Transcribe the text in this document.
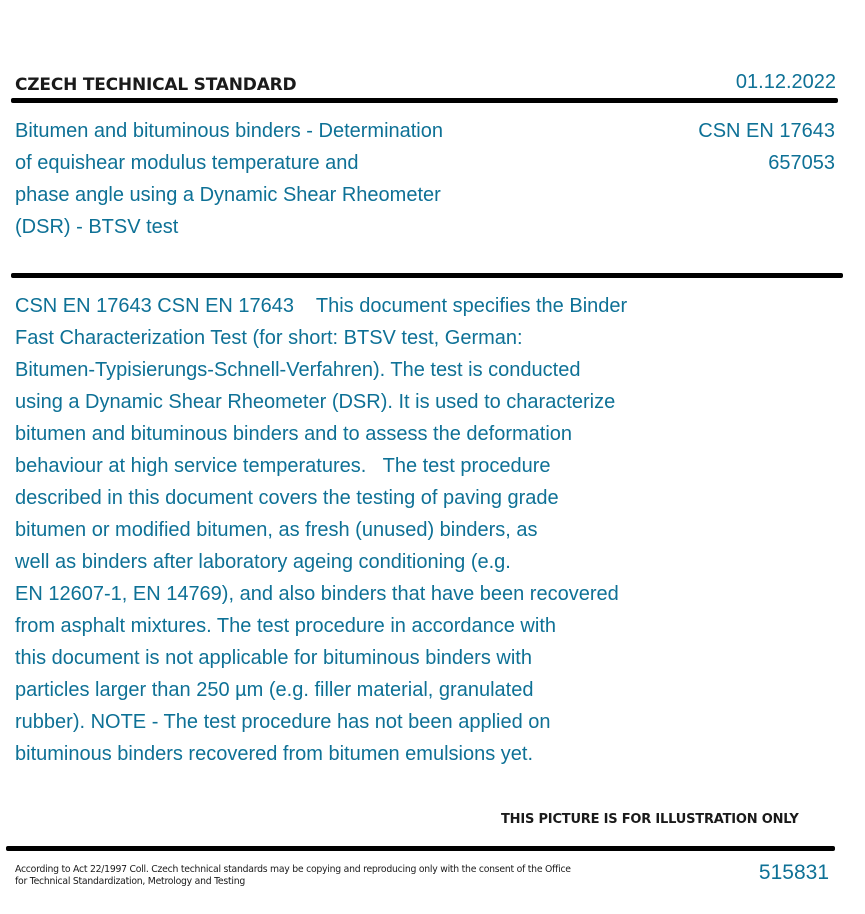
CZECH TECHNICAL STANDARD	01.12.2022
Bitumen and bituminous binders - Determination
of equishear modulus temperature and
phase angle using a Dynamic Shear Rheometer
(DSR) - BTSV test
CSN EN 17643
657053
CSN EN 17643 CSN EN 17643    This document specifies the Binder
Fast Characterization Test (for short: BTSV test, German:
Bitumen-Typisierungs-Schnell-Verfahren). The test is conducted
using a Dynamic Shear Rheometer (DSR). It is used to characterize
bitumen and bituminous binders and to assess the deformation
behaviour at high service temperatures.   The test procedure
described in this document covers the testing of paving grade
bitumen or modified bitumen, as fresh (unused) binders, as
well as binders after laboratory ageing conditioning (e.g.
EN 12607-1, EN 14769), and also binders that have been recovered
from asphalt mixtures. The test procedure in accordance with
this document is not applicable for bituminous binders with
particles larger than 250 µm (e.g. filler material, granulated
rubber). NOTE - The test procedure has not been applied on
bituminous binders recovered from bitumen emulsions yet.
THIS PICTURE IS FOR ILLUSTRATION ONLY
According to Act 22/1997 Coll. Czech technical standards may be copying and reproducing only with the consent of the Office
for Technical Standardization, Metrology and Testing	515831
